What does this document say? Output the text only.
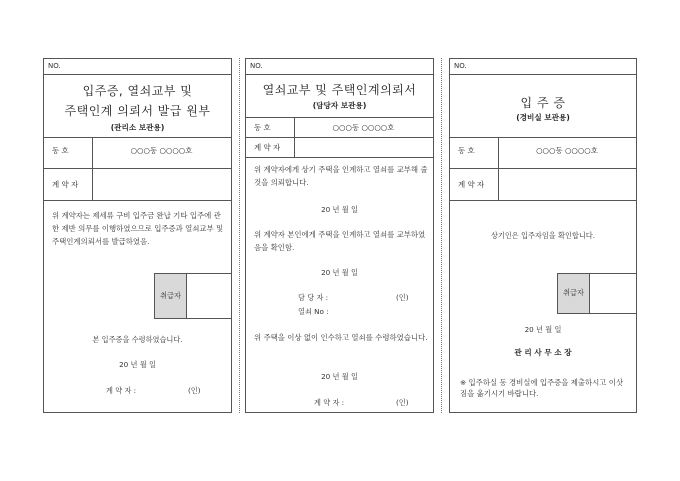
NO.
입주증, 열쇠교부 및
주택인계 의뢰서 발급 원부
(관리소 보관용)
동 호	○○○동 ○○○○호
계 약 자
위 계약자는 제세류 구비 입주금 완납 기타 입주에 관한 제반 의무를 이행하였으므로 입주증과 열쇠교부 및 주택인계의뢰서를 발급하였음.
취급자
본 입주증을 수령하였습니다.
20 년 월 일
계 약 자 :	(인)
NO.
열쇠교부 및 주택인계의뢰서
(담당자 보관용)
동 호	○○○동 ○○○○호
계 약 자
위 계약자에게 상기 주택을 인계하고 열쇠를 교부해 줄 것을 의뢰합니다.
20 년 월 일
위 계약자 본인에게 주택을 인계하고 열쇠를 교부하였음을 확인함.
20 년 월 일
담 당 자 :	(인)
열쇠 No :
위 주택을 이상 없이 인수하고 열쇠를 수령하였습니다.
20 년 월 일
계 약 자 :	(인)
NO.
입 주 증
(경비실 보관용)
동 호	○○○동 ○○○○호
계 약 자
상기인은 입주자임을 확인합니다.
취급자
20 년 월 일
관 리 사 무 소 장
※ 입주하실 동 경비실에 입주증을 제출하시고 이삿짐을 옮기시기 바랍니다.
